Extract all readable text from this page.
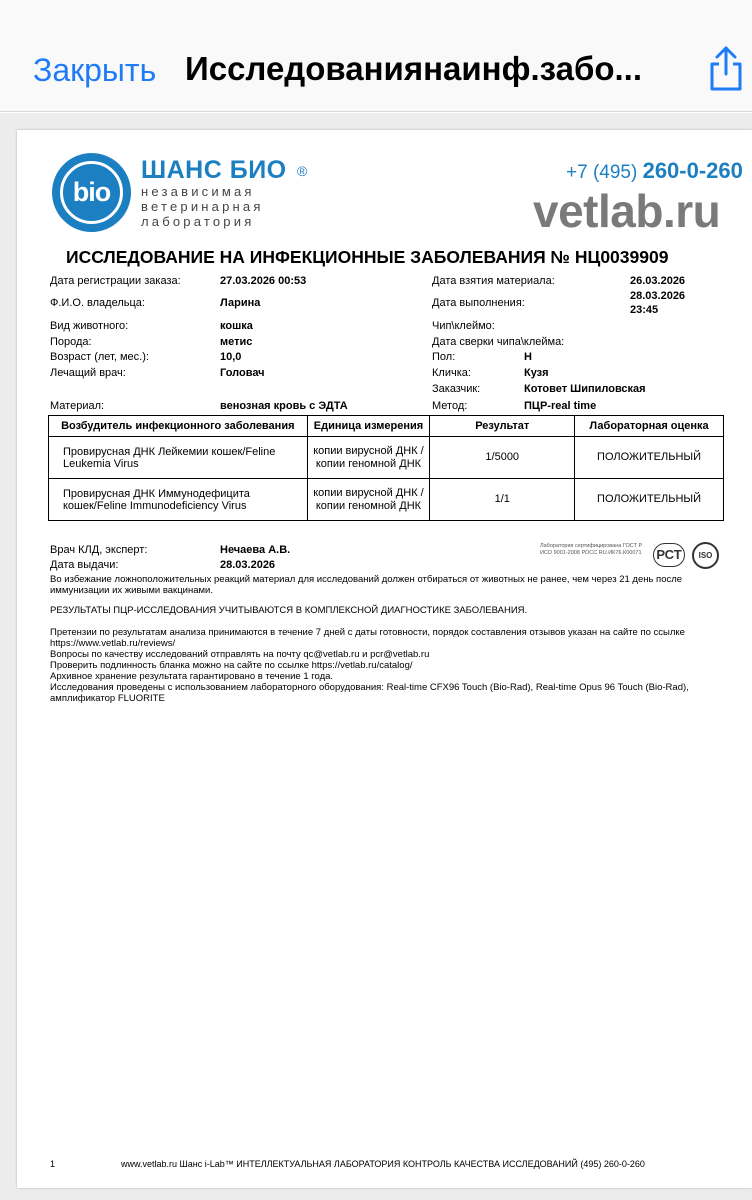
Закрыть Исследованиянаинф.забо...
bio
ШАНС БИО ®
независимая
ветеринарная
лаборатория
+7 (495) 260-0-260
vetlab.ru
ИССЛЕДОВАНИЕ НА ИНФЕКЦИОННЫЕ ЗАБОЛЕВАНИЯ № НЦ0039909
Дата регистрации заказа:	27.03.2026 00:53
Ф.И.О. владельца:	Ларина
Вид животного:	кошка
Порода:	метис
Возраст (лет, мес.):	10,0
Лечащий врач:	Головач
Материал:	венозная кровь с ЭДТА
Дата взятия материала:	26.03.2026
Дата выполнения:
28.03.2026
23:45
Чип\клеймо:
Дата сверки чипа\клейма:
Пол:	Н
Кличка:	Кузя
Заказчик:	Котовет Шипиловская
Метод:	ПЦР-real time
Возбудитель инфекционного заболевания	Единица измерения	Результат	Лабораторная оценка
Провирусная ДНК Лейкемии кошек/Feline Leukemia Virus	копии вирусной ДНК / копии геномной ДНК	1/5000	ПОЛОЖИТЕЛЬНЫЙ
Провирусная ДНК Иммунодефицита кошек/Feline Immunodeficiency Virus	копии вирусной ДНК / копии геномной ДНК	1/1	ПОЛОЖИТЕЛЬНЫЙ
Врач КЛД, эксперт:	Нечаева А.В.
Дата выдачи:	28.03.2026
Лаборатория сертифицирована ГОСТ Р ИСО 9001-2008 РОСС RU.ИК76.К00071	РСТ	ISO
Во избежание ложноположительных реакций материал для исследований должен отбираться от животных не ранее, чем через 21 день после иммунизации их живыми вакцинами.
РЕЗУЛЬТАТЫ ПЦР-ИССЛЕДОВАНИЯ УЧИТЫВАЮТСЯ В КОМПЛЕКСНОЙ ДИАГНОСТИКЕ ЗАБОЛЕВАНИЯ.
Претензии по результатам анализа принимаются в течение 7 дней с даты готовности, порядок составления отзывов указан на сайте по ссылке https://www.vetlab.ru/reviews/
Вопросы по качеству исследований отправлять на почту qc@vetlab.ru и pcr@vetlab.ru
Проверить подлинность бланка можно на сайте по ссылке https://vetlab.ru/catalog/
Архивное хранение результата гарантировано в течение 1 года.
Исследования проведены с использованием лабораторного оборудования: Real-time CFX96 Touch (Bio-Rad), Real-time Opus 96 Touch (Bio-Rad), амплификатор FLUORITE
1	www.vetlab.ru Шанс i-Lab™ ИНТЕЛЛЕКТУАЛЬНАЯ ЛАБОРАТОРИЯ КОНТРОЛЬ КАЧЕСТВА ИССЛЕДОВАНИЙ (495) 260-0-260
